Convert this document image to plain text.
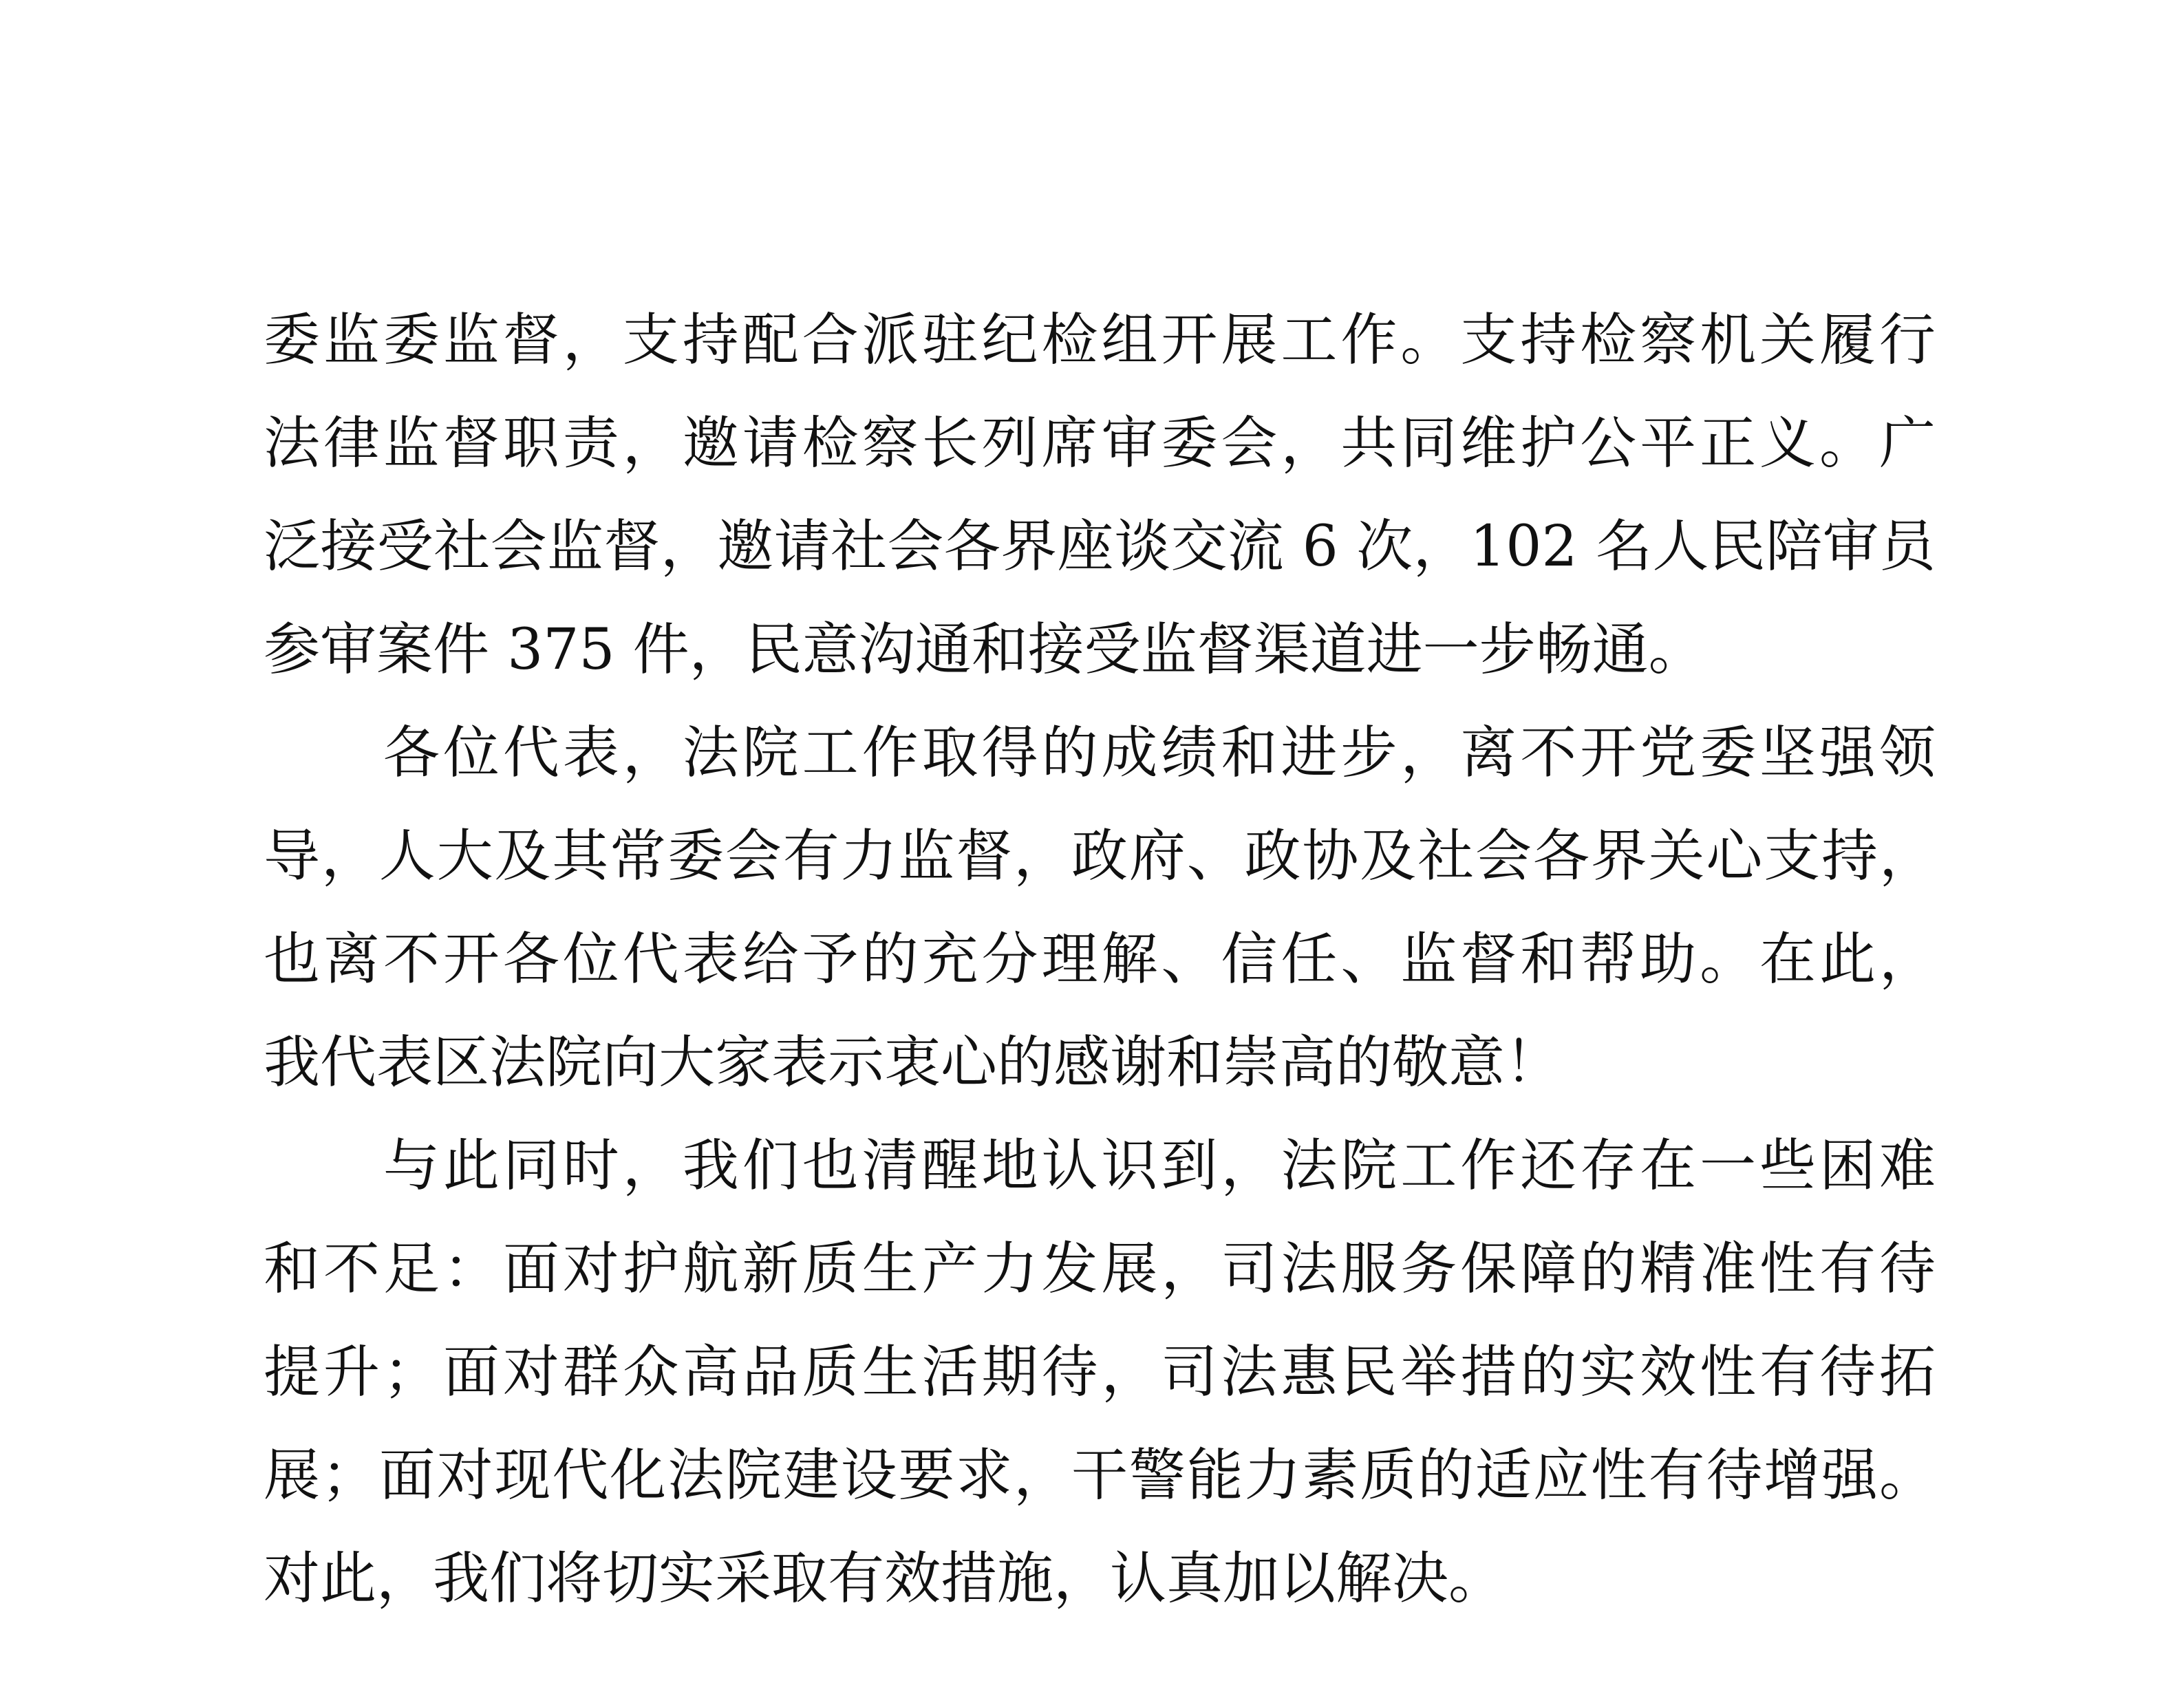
委监委监督，支持配合派驻纪检组开展工作。支持检察机关履行
法律监督职责，邀请检察长列席审委会，共同维护公平正义。广
泛接受社会监督，邀请社会各界座谈交流 6 次，102 名人民陪审员
参审案件 375 件，民意沟通和接受监督渠道进一步畅通。
　　各位代表，法院工作取得的成绩和进步，离不开党委坚强领
导，人大及其常委会有力监督，政府、政协及社会各界关心支持，
也离不开各位代表给予的充分理解、信任、监督和帮助。在此，
我代表区法院向大家表示衷心的感谢和崇高的敬意！
　　与此同时，我们也清醒地认识到，法院工作还存在一些困难
和不足：面对护航新质生产力发展，司法服务保障的精准性有待
提升；面对群众高品质生活期待，司法惠民举措的实效性有待拓
展；面对现代化法院建设要求，干警能力素质的适应性有待增强。
对此，我们将切实采取有效措施，认真加以解决。
